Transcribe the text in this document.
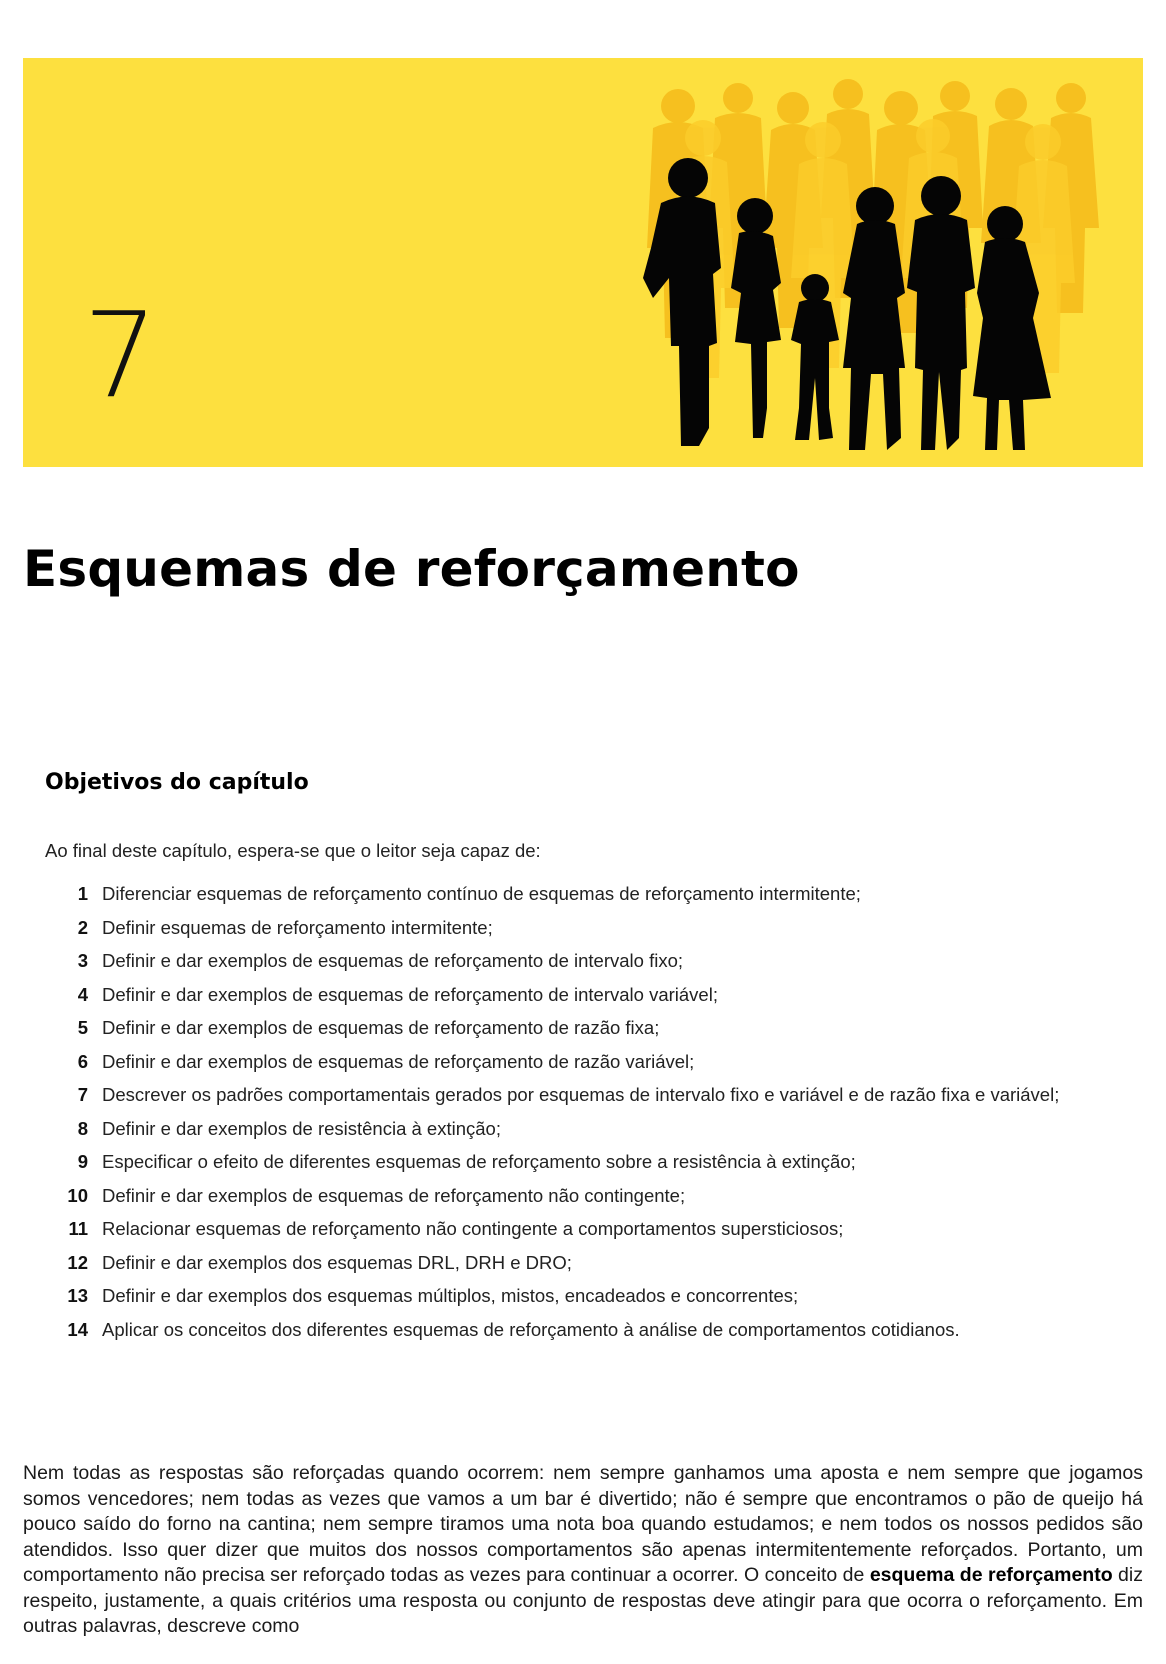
7
Esquemas de reforçamento
Objetivos do capítulo

Ao final deste capítulo, espera-se que o leitor seja capaz de:

1 Diferenciar esquemas de reforçamento contínuo de esquemas de reforçamento intermitente;
2 Definir esquemas de reforçamento intermitente;
3 Definir e dar exemplos de esquemas de reforçamento de intervalo fixo;
4 Definir e dar exemplos de esquemas de reforçamento de intervalo variável;
5 Definir e dar exemplos de esquemas de reforçamento de razão fixa;
6 Definir e dar exemplos de esquemas de reforçamento de razão variável;
7 Descrever os padrões comportamentais gerados por esquemas de intervalo fixo e variável e de razão fixa e variável;
8 Definir e dar exemplos de resistência à extinção;
9 Especificar o efeito de diferentes esquemas de reforçamento sobre a resistência à extinção;
10 Definir e dar exemplos de esquemas de reforçamento não contingente;
11 Relacionar esquemas de reforçamento não contingente a comportamentos supersticiosos;
12 Definir e dar exemplos dos esquemas DRL, DRH e DRO;
13 Definir e dar exemplos dos esquemas múltiplos, mistos, encadeados e concorrentes;
14 Aplicar os conceitos dos diferentes esquemas de reforçamento à análise de comportamentos cotidianos.

Nem todas as respostas são reforçadas quando ocorrem: nem sempre ganhamos uma aposta e nem sempre que jogamos somos vencedores; nem todas as vezes que vamos a um bar é divertido; não é sempre que encontramos o pão de queijo há pouco saído do forno na cantina; nem sempre tiramos uma nota boa quando estudamos; e nem todos os nossos pedidos são atendidos. Isso quer dizer que muitos dos nossos comportamentos são apenas intermitentemente reforçados. Portanto, um comportamento não precisa ser reforçado todas as vezes para continuar a ocorrer. O conceito de esquema de reforçamento diz respeito, justamente, a quais critérios uma resposta ou conjunto de respostas deve atingir para que ocorra o reforçamento. Em outras palavras, descreve como
